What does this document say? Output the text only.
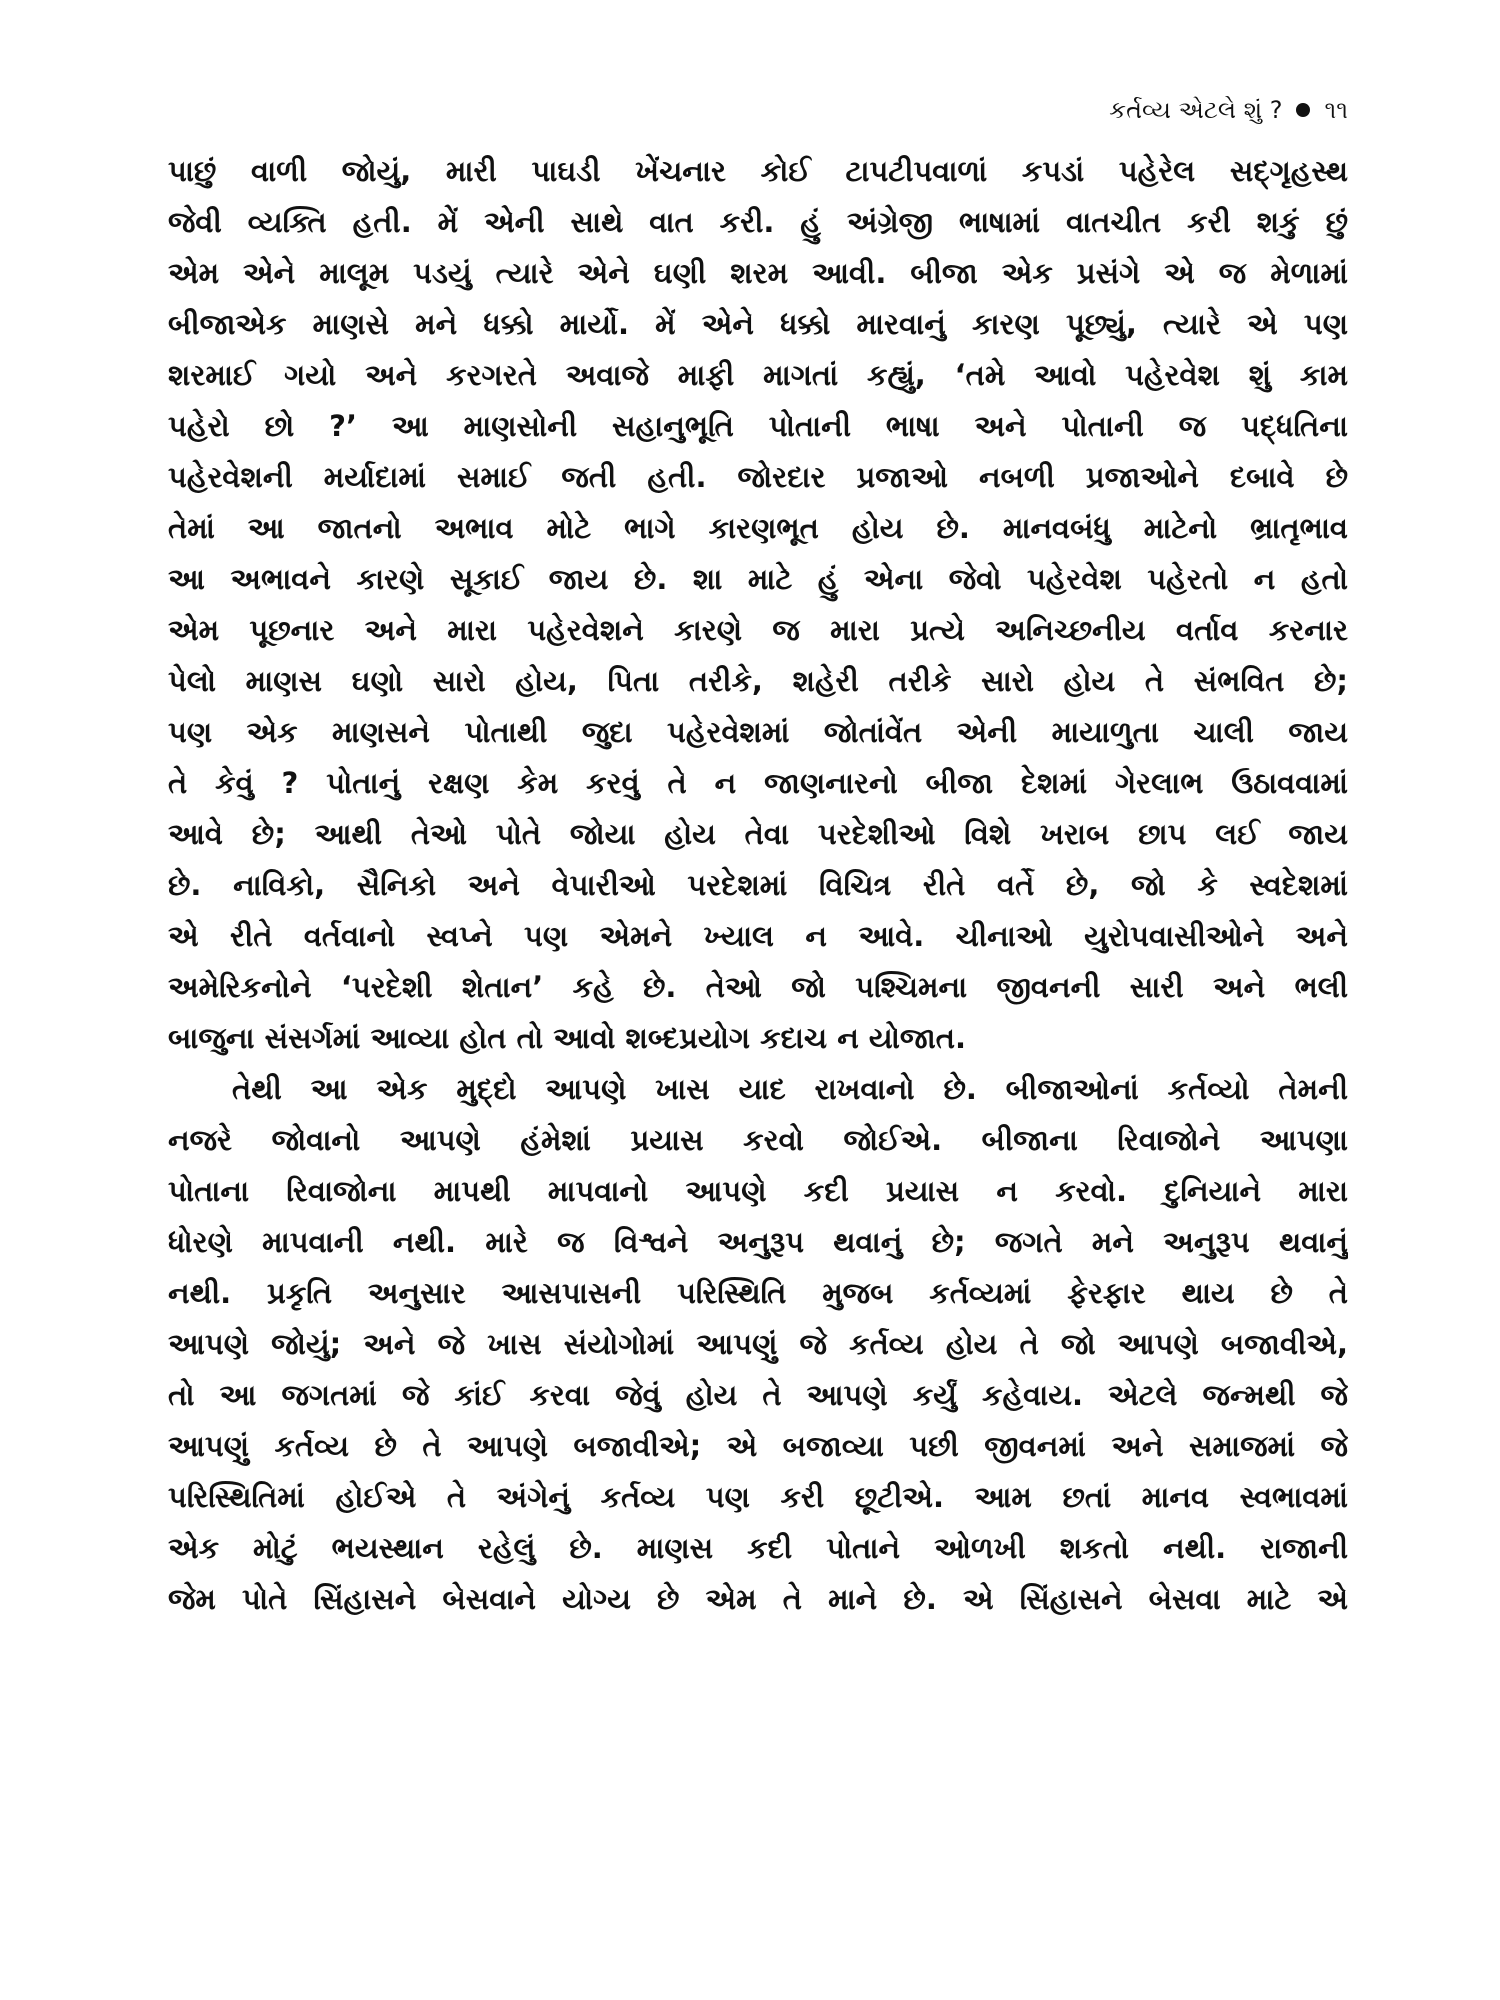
કર્તવ્ય એટલે શું ? ૧૧
પાછું વાળી જોયું, મારી પાઘડી ખેંચનાર કોઈ ટાપટીપવાળાં કપડાં પહેરેલ સદ્ગૃહસ્થ
જેવી વ્યક્તિ હતી. મેં એની સાથે વાત કરી. હું અંગ્રેજી ભાષામાં વાતચીત કરી શકું છું
એમ એને માલૂમ પડયું ત્યારે એને ઘણી શરમ આવી. બીજા એક પ્રસંગે એ જ મેળામાં
બીજાએક માણસે મને ધક્કો માર્યો. મેં એને ધક્કો મારવાનું કારણ પૂછ્યું, ત્યારે એ પણ
શરમાઈ ગયો અને કરગરતે અવાજે માફી માગતાં કહ્યું, ‘તમે આવો પહેરવેશ શું કામ
પહેરો છો ?’ આ માણસોની સહાનુભૂતિ પોતાની ભાષા અને પોતાની જ પદ્ધતિના
પહેરવેશની મર્યાદામાં સમાઈ જતી હતી. જોરદાર પ્રજાઓ નબળી પ્રજાઓને દબાવે છે
તેમાં આ જાતનો અભાવ મોટે ભાગે કારણભૂત હોય છે. માનવબંધુ માટેનો ભ્રાતૃભાવ
આ અભાવને કારણે સૂકાઈ જાય છે. શા માટે હું એના જેવો પહેરવેશ પહેરતો ન હતો
એમ પૂછનાર અને મારા પહેરવેશને કારણે જ મારા પ્રત્યે અનિચ્છનીય વર્તાવ કરનાર
પેલો માણસ ઘણો સારો હોય, પિતા તરીકે, શહેરી તરીકે સારો હોય તે સંભવિત છે;
પણ એક માણસને પોતાથી જુદા પહેરવેશમાં જોતાંવેંત એની માયાળુતા ચાલી જાય
તે કેવું ? પોતાનું રક્ષણ કેમ કરવું તે ન જાણનારનો બીજા દેશમાં ગેરલાભ ઉઠાવવામાં
આવે છે; આથી તેઓ પોતે જોયા હોય તેવા પરદેશીઓ વિશે ખરાબ છાપ લઈ જાય
છે. નાવિકો, સૈનિકો અને વેપારીઓ પરદેશમાં વિચિત્ર રીતે વર્તે છે, જો કે સ્વદેશમાં
એ રીતે વર્તવાનો સ્વપ્ને પણ એમને ખ્યાલ ન આવે. ચીનાઓ યુરોપવાસીઓને અને
અમેરિકનોને ‘પરદેશી શેતાન’ કહે છે. તેઓ જો પશ્ચિમના જીવનની સારી અને ભલી
બાજુના સંસર્ગમાં આવ્યા હોત તો આવો શબ્દપ્રયોગ કદાચ ન યોજાત.
તેથી આ એક મુદ્દો આપણે ખાસ યાદ રાખવાનો છે. બીજાઓનાં કર્તવ્યો તેમની
નજરે જોવાનો આપણે હંમેશાં પ્રયાસ કરવો જોઈએ. બીજાના રિવાજોને આપણા
પોતાના રિવાજોના માપથી માપવાનો આપણે કદી પ્રયાસ ન કરવો. દુનિયાને મારા
ધોરણે માપવાની નથી. મારે જ વિશ્વને અનુરૂપ થવાનું છે; જગતે મને અનુરૂપ થવાનું
નથી. પ્રકૃતિ અનુસાર આસપાસની પરિસ્થિતિ મુજબ કર્તવ્યમાં ફેરફાર થાય છે તે
આપણે જોયું; અને જે ખાસ સંયોગોમાં આપણું જે કર્તવ્ય હોય તે જો આપણે બજાવીએ,
તો આ જગતમાં જે કાંઈ કરવા જેવું હોય તે આપણે કર્યું કહેવાય. એટલે જન્મથી જે
આપણું કર્તવ્ય છે તે આપણે બજાવીએ; એ બજાવ્યા પછી જીવનમાં અને સમાજમાં જે
પરિસ્થિતિમાં હોઈએ તે અંગેનું કર્તવ્ય પણ કરી છૂટીએ. આમ છતાં માનવ સ્વભાવમાં
એક મોટું ભયસ્થાન રહેલું છે. માણસ કદી પોતાને ઓળખી શકતો નથી. રાજાની
જેમ પોતે સિંહાસને બેસવાને યોગ્ય છે એમ તે માને છે. એ સિંહાસને બેસવા માટે એ
